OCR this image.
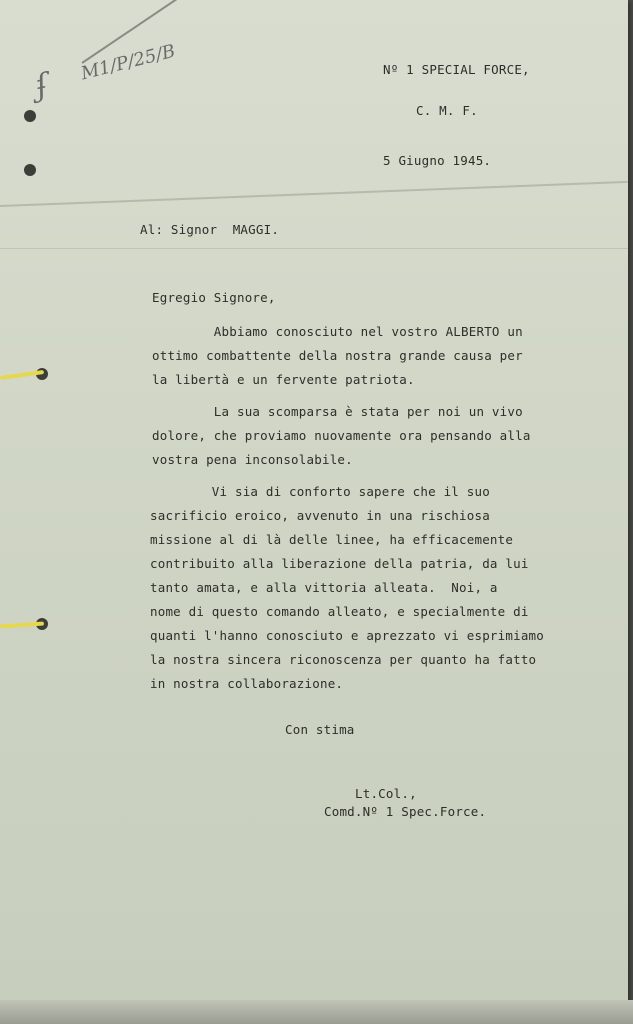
ʄ
M1/P/25/B	Nº 1 SPECIAL FORCE,
C. M. F.
5 Giugno 1945.
Al: Signor  MAGGI.
Egregio Signore,
Abbiamo conosciuto nel vostro ALBERTO un
ottimo combattente della nostra grande causa per
la libertà e un fervente patriota.
La sua scomparsa è stata per noi un vivo
dolore, che proviamo nuovamente ora pensando alla
vostra pena inconsolabile.
Vi sia di conforto sapere che il suo
sacrificio eroico, avvenuto in una rischiosa
missione al di là delle linee, ha efficacemente
contribuito alla liberazione della patria, da lui
tanto amata, e alla vittoria alleata.  Noi, a
nome di questo comando alleato, e specialmente di
quanti l'hanno conosciuto e aprezzato vi esprimiamo
la nostra sincera riconoscenza per quanto ha fatto
in nostra collaborazione.
Con stima
Lt.Col.,
Comd.Nº 1 Spec.Force.
